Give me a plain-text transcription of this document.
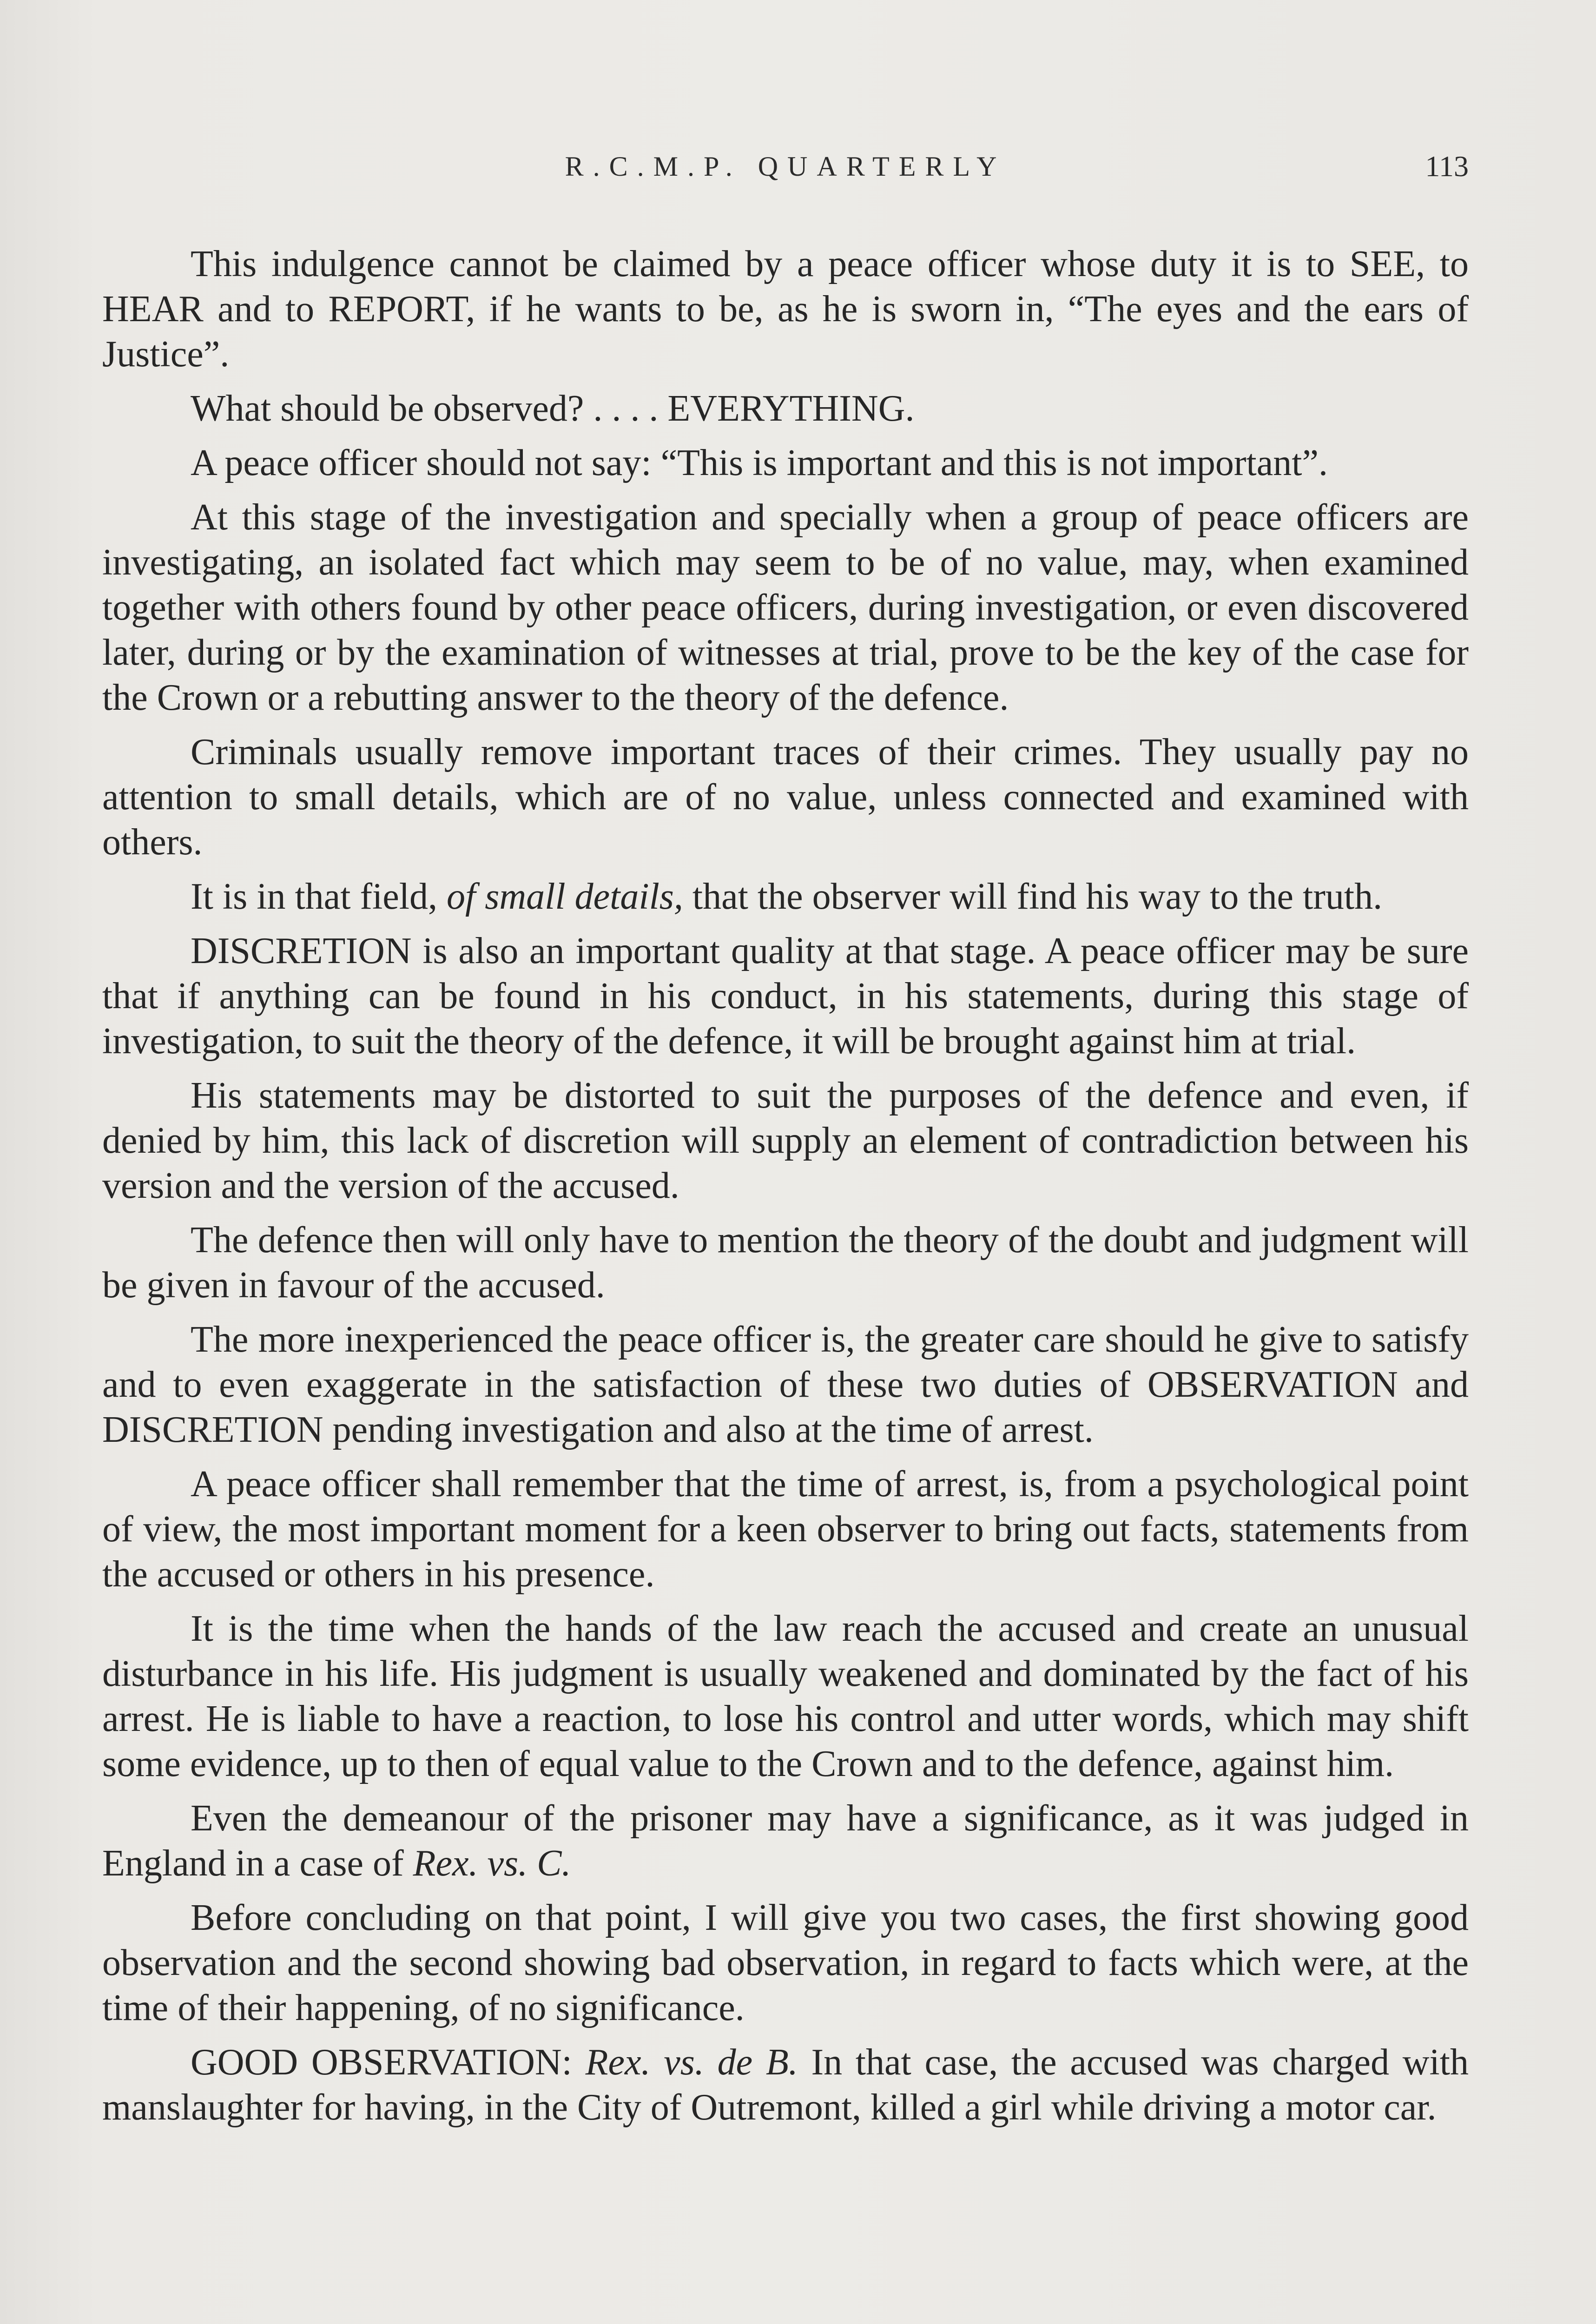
R.C.M.P. QUARTERLY	113

This indulgence cannot be claimed by a peace officer whose duty it is to SEE, to HEAR and to REPORT, if he wants to be, as he is sworn in, “The eyes and the ears of Justice”.

What should be observed? . . . . EVERYTHING.

A peace officer should not say: “This is important and this is not important”.

At this stage of the investigation and specially when a group of peace officers are investigating, an isolated fact which may seem to be of no value, may, when examined together with others found by other peace officers, during investigation, or even discovered later, during or by the examination of witnesses at trial, prove to be the key of the case for the Crown or a rebutting answer to the theory of the defence.

Criminals usually remove important traces of their crimes. They usually pay no attention to small details, which are of no value, unless connected and examined with others.

It is in that field, of small details, that the observer will find his way to the truth.

DISCRETION is also an important quality at that stage. A peace officer may be sure that if anything can be found in his conduct, in his statements, during this stage of investigation, to suit the theory of the defence, it will be brought against him at trial.

His statements may be distorted to suit the purposes of the defence and even, if denied by him, this lack of discretion will supply an element of contradiction between his version and the version of the accused.

The defence then will only have to mention the theory of the doubt and judgment will be given in favour of the accused.

The more inexperienced the peace officer is, the greater care should he give to satisfy and to even exaggerate in the satisfaction of these two duties of OBSERVATION and DISCRETION pending investigation and also at the time of arrest.

A peace officer shall remember that the time of arrest, is, from a psychological point of view, the most important moment for a keen observer to bring out facts, statements from the accused or others in his presence.

It is the time when the hands of the law reach the accused and create an unusual disturbance in his life. His judgment is usually weakened and dominated by the fact of his arrest. He is liable to have a reaction, to lose his control and utter words, which may shift some evidence, up to then of equal value to the Crown and to the defence, against him.

Even the demeanour of the prisoner may have a significance, as it was judged in England in a case of Rex. vs. C.

Before concluding on that point, I will give you two cases, the first showing good observation and the second showing bad observation, in regard to facts which were, at the time of their happening, of no significance.

GOOD OBSERVATION: Rex. vs. de B. In that case, the accused was charged with manslaughter for having, in the City of Outremont, killed a girl while driving a motor car.
